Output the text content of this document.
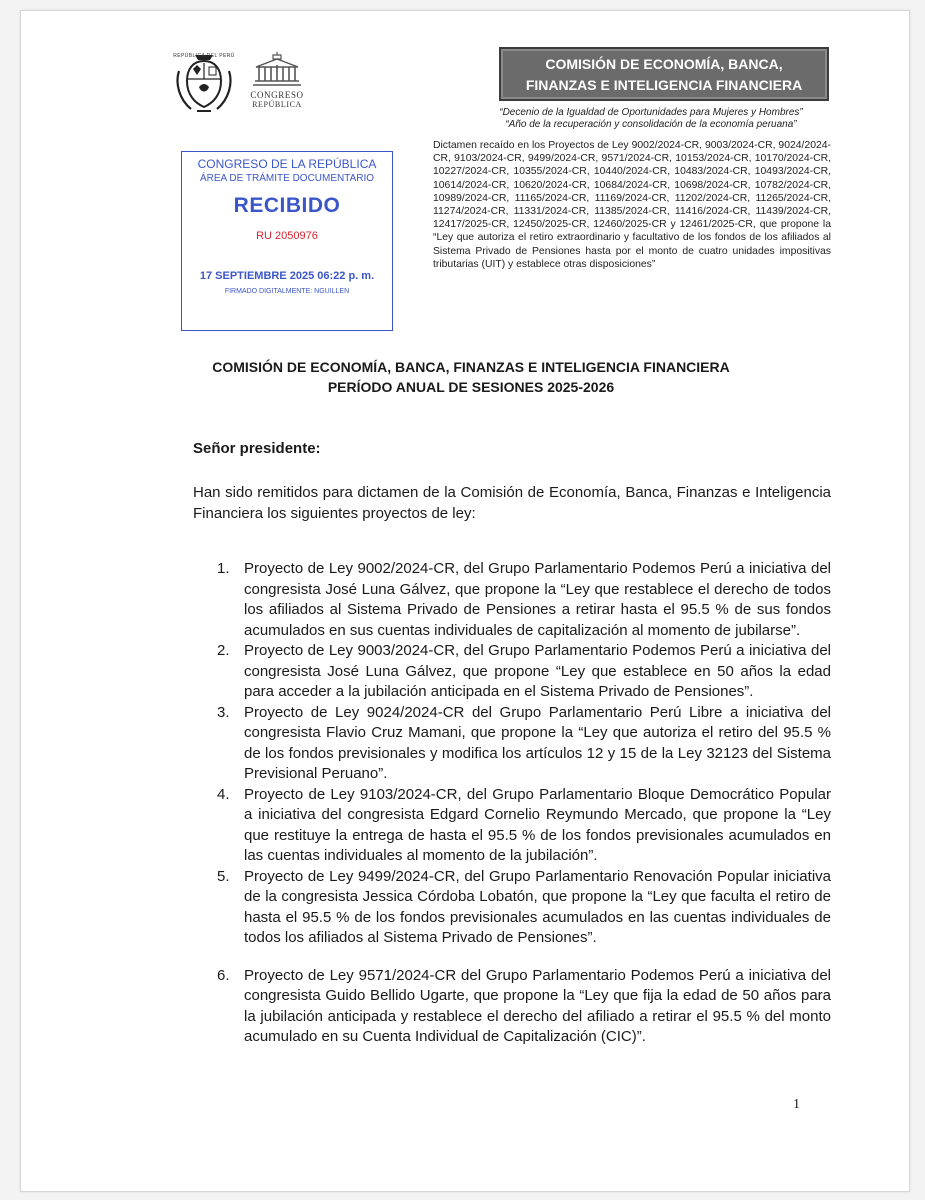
REPÚBLICA DEL PERÚ
CONGRESO
REPÚBLICA
COMISIÓN DE ECONOMÍA, BANCA,
FINANZAS E INTELIGENCIA FINANCIERA
“Decenio de la Igualdad de Oportunidades para Mujeres y Hombres”
“Año de la recuperación y consolidación de la economía peruana”
CONGRESO DE LA REPÚBLICA
ÁREA DE TRÁMITE DOCUMENTARIO
RECIBIDO
RU 2050976
17 SEPTIEMBRE 2025 06:22 p. m.
FIRMADO DIGITALMENTE: NGUILLEN
Dictamen recaído en los Proyectos de Ley 9002/2024-CR, 9003/2024-CR, 9024/2024-CR, 9103/2024-CR, 9499/2024-CR, 9571/2024-CR, 10153/2024-CR, 10170/2024-CR, 10227/2024-CR, 10355/2024-CR, 10440/2024-CR, 10483/2024-CR, 10493/2024-CR, 10614/2024-CR, 10620/2024-CR, 10684/2024-CR, 10698/2024-CR, 10782/2024-CR, 10989/2024-CR, 11165/2024-CR, 11169/2024-CR, 11202/2024-CR, 11265/2024-CR, 11274/2024-CR, 11331/2024-CR, 11385/2024-CR, 11416/2024-CR, 11439/2024-CR, 12417/2025-CR, 12450/2025-CR, 12460/2025-CR y 12461/2025-CR, que propone la “Ley que autoriza el retiro extraordinario y facultativo de los fondos de los afiliados al Sistema Privado de Pensiones hasta por el monto de cuatro unidades impositivas tributarias (UIT) y establece otras disposiciones”
COMISIÓN DE ECONOMÍA, BANCA, FINANZAS E INTELIGENCIA FINANCIERA
PERÍODO ANUAL DE SESIONES 2025-2026
Señor presidente:
Han sido remitidos para dictamen de la Comisión de Economía, Banca, Finanzas e Inteligencia Financiera los siguientes proyectos de ley:
1. Proyecto de Ley 9002/2024-CR, del Grupo Parlamentario Podemos Perú a iniciativa del congresista José Luna Gálvez, que propone la “Ley que restablece el derecho de todos los afiliados al Sistema Privado de Pensiones a retirar hasta el 95.5 % de sus fondos acumulados en sus cuentas individuales de capitalización al momento de jubilarse”.
2. Proyecto de Ley 9003/2024-CR, del Grupo Parlamentario Podemos Perú a iniciativa del congresista José Luna Gálvez, que propone “Ley que establece en 50 años la edad para acceder a la jubilación anticipada en el Sistema Privado de Pensiones”.
3. Proyecto de Ley 9024/2024-CR del Grupo Parlamentario Perú Libre a iniciativa del congresista Flavio Cruz Mamani, que propone la “Ley que autoriza el retiro del 95.5 % de los fondos previsionales y modifica los artículos 12 y 15 de la Ley 32123 del Sistema Previsional Peruano”.
4. Proyecto de Ley 9103/2024-CR, del Grupo Parlamentario Bloque Democrático Popular a iniciativa del congresista Edgard Cornelio Reymundo Mercado, que propone la “Ley que restituye la entrega de hasta el 95.5 % de los fondos previsionales acumulados en las cuentas individuales al momento de la jubilación”.
5. Proyecto de Ley 9499/2024-CR, del Grupo Parlamentario Renovación Popular iniciativa de la congresista Jessica Córdoba Lobatón, que propone la “Ley que faculta el retiro de hasta el 95.5 % de los fondos previsionales acumulados en las cuentas individuales de todos los afiliados al Sistema Privado de Pensiones”.
6. Proyecto de Ley 9571/2024-CR del Grupo Parlamentario Podemos Perú a iniciativa del congresista Guido Bellido Ugarte, que propone la “Ley que fija la edad de 50 años para la jubilación anticipada y restablece el derecho del afiliado a retirar el 95.5 % del monto acumulado en su Cuenta Individual de Capitalización (CIC)”.
1
